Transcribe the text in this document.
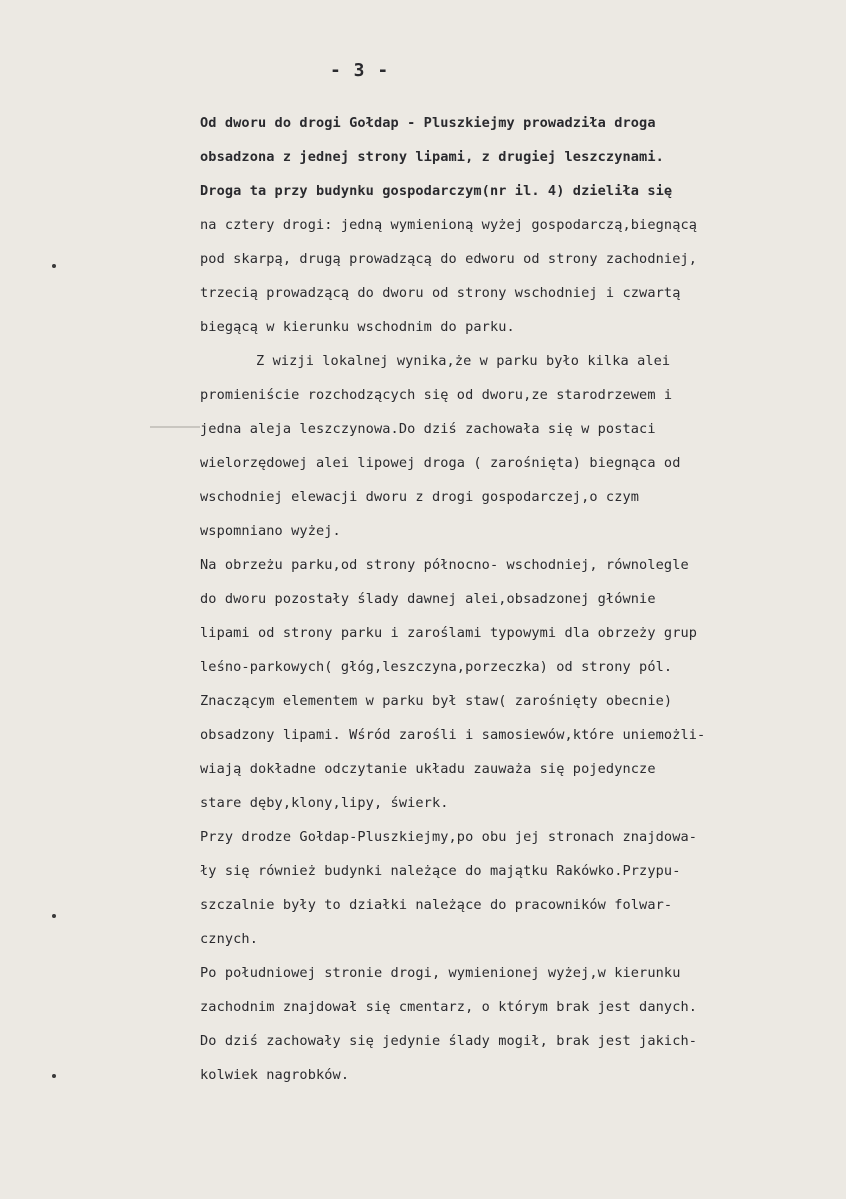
- 3 -
Od dworu do drogi Gołdap - Pluszkiejmy prowadziła droga
obsadzona z jednej strony lipami, z drugiej leszczynami.
Droga ta przy budynku gospodarczym(nr il. 4) dzieliła się
na cztery drogi: jedną wymienioną wyżej gospodarczą,biegnącą
pod skarpą, drugą prowadzącą do edworu od strony zachodniej,
trzecią prowadzącą do dworu od strony wschodniej i czwartą
biegącą w kierunku wschodnim do parku.
Z wizji lokalnej wynika,że w parku było kilka alei
promieniście rozchodzących się od dworu,ze starodrzewem i
jedna aleja leszczynowa.Do dziś zachowała się w postaci
wielorzędowej alei lipowej droga ( zarośnięta) biegnąca od
wschodniej elewacji dworu z drogi gospodarczej,o czym
wspomniano wyżej.
Na obrzeżu parku,od strony północno- wschodniej, równolegle
do dworu pozostały ślady dawnej alei,obsadzonej głównie
lipami od strony parku i zaroślami typowymi dla obrzeży grup
leśno-parkowych( głóg,leszczyna,porzeczka) od strony pól.
Znaczącym elementem w parku był staw( zarośnięty obecnie)
obsadzony lipami. Wśród zarośli i samosiewów,które uniemożli-
wiają dokładne odczytanie układu zauważa się pojedyncze
stare dęby,klony,lipy, świerk.
Przy drodze Gołdap-Pluszkiejmy,po obu jej stronach znajdowa-
ły się również budynki należące do majątku Rakówko.Przypu-
szczalnie były to działki należące do pracowników folwar-
cznych.
Po południowej stronie drogi, wymienionej wyżej,w kierunku
zachodnim znajdował się cmentarz, o którym brak jest danych.
Do dziś zachowały się jedynie ślady mogił, brak jest jakich-
kolwiek nagrobków.
